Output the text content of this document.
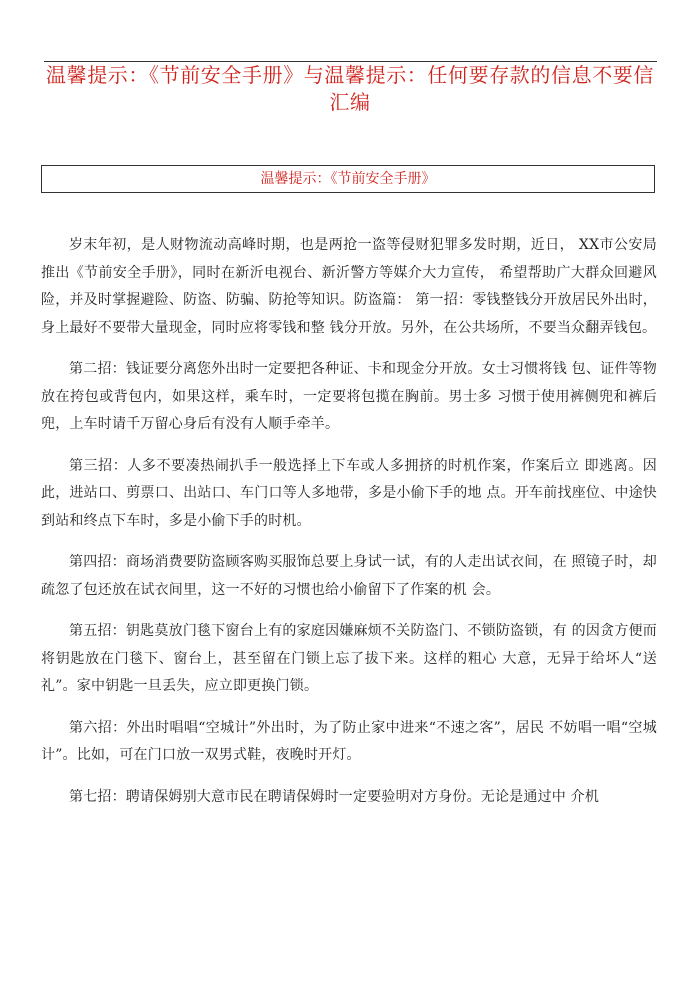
温馨提示：《节前安全手册》与温馨提示：任何要存款的信息不要信汇编
温馨提示：《节前安全手册》

岁末年初，是人财物流动高峰时期，也是两抢一盗等侵财犯罪多发时期，近日， XX市公安局推出《节前安全手册》，同时在新沂电视台、新沂警方等媒介大力宣传， 希望帮助广大群众回避风险，并及时掌握避险、防盗、防骗、防抢等知识。防盗篇： 第一招：零钱整钱分开放居民外出时，身上最好不要带大量现金，同时应将零钱和整 钱分开放。另外，在公共场所，不要当众翻弄钱包。

第二招：钱证要分离您外出时一定要把各种证、卡和现金分开放。女士习惯将钱 包、证件等物放在挎包或背包内，如果这样，乘车时，一定要将包揽在胸前。男士多 习惯于使用裤侧兜和裤后兜，上车时请千万留心身后有没有人顺手牵羊。

第三招：人多不要凑热闹扒手一般选择上下车或人多拥挤的时机作案，作案后立 即逃离。因此，进站口、剪票口、出站口、车门口等人多地带，多是小偷下手的地 点。开车前找座位、中途快到站和终点下车时，多是小偷下手的时机。

第四招：商场消费要防盗顾客购买服饰总要上身试一试，有的人走出试衣间，在 照镜子时，却疏忽了包还放在试衣间里，这一不好的习惯也给小偷留下了作案的机 会。

第五招：钥匙莫放门毯下窗台上有的家庭因嫌麻烦不关防盗门、不锁防盗锁，有 的因贪方便而将钥匙放在门毯下、窗台上，甚至留在门锁上忘了拔下来。这样的粗心 大意，无异于给坏人“送礼”。家中钥匙一旦丢失，应立即更换门锁。

第六招：外出时唱唱“空城计”外出时，为了防止家中进来“不速之客”，居民 不妨唱一唱“空城计”。比如，可在门口放一双男式鞋，夜晚时开灯。

第七招：聘请保姆别大意市民在聘请保姆时一定要验明对方身份。无论是通过中 介机
